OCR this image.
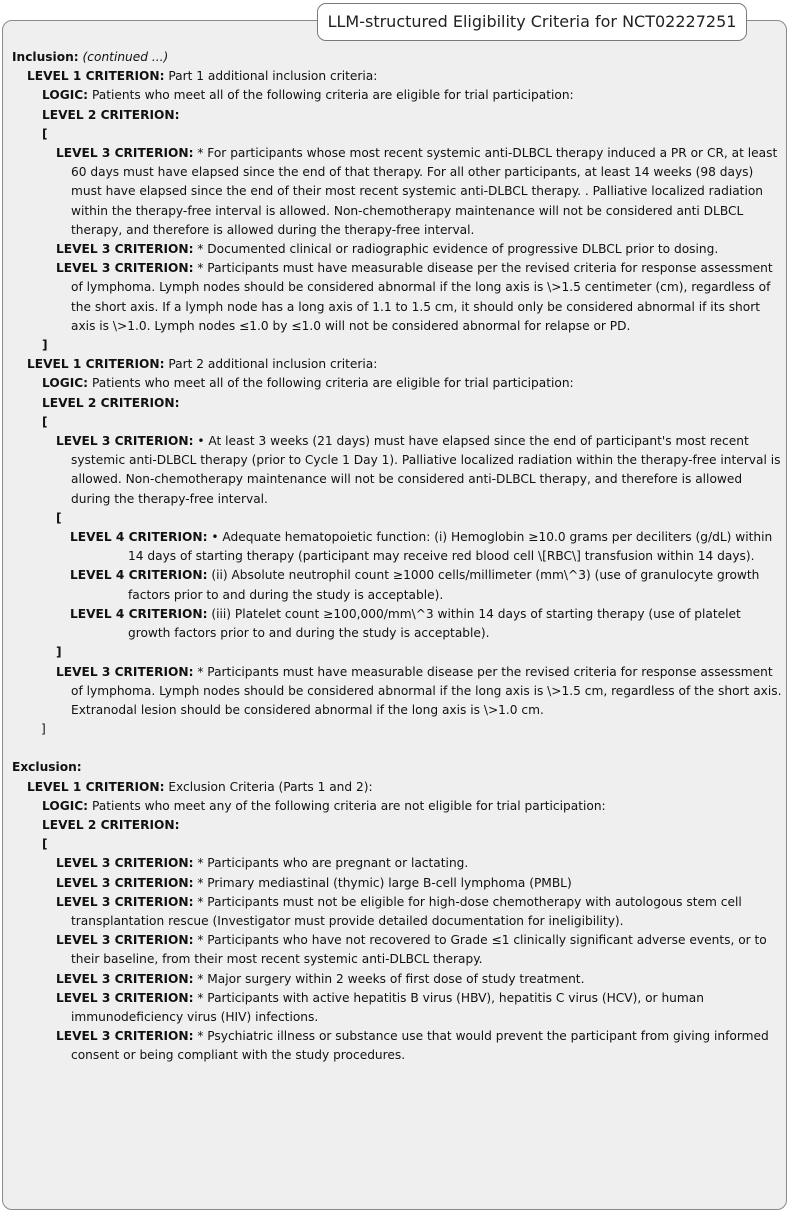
LLM-structured Eligibility Criteria for NCT02227251
Inclusion: (continued ...)
LEVEL 1 CRITERION: Part 1 additional inclusion criteria:
LOGIC: Patients who meet all of the following criteria are eligible for trial participation:
LEVEL 2 CRITERION:
[
LEVEL 3 CRITERION: * For participants whose most recent systemic anti-DLBCL therapy induced a PR or CR, at least 60 days must have elapsed since the end of that therapy. For all other participants, at least 14 weeks (98 days) must have elapsed since the end of their most recent systemic anti-DLBCL therapy. . Palliative localized radiation within the therapy-free interval is allowed. Non-chemotherapy maintenance will not be considered anti DLBCL therapy, and therefore is allowed during the therapy-free interval.
LEVEL 3 CRITERION: * Documented clinical or radiographic evidence of progressive DLBCL prior to dosing.
LEVEL 3 CRITERION: * Participants must have measurable disease per the revised criteria for response assessment of lymphoma. Lymph nodes should be considered abnormal if the long axis is \>1.5 centimeter (cm), regardless of the short axis. If a lymph node has a long axis of 1.1 to 1.5 cm, it should only be considered abnormal if its short axis is \>1.0. Lymph nodes ≤1.0 by ≤1.0 will not be considered abnormal for relapse or PD.
]
LEVEL 1 CRITERION: Part 2 additional inclusion criteria:
LOGIC: Patients who meet all of the following criteria are eligible for trial participation:
LEVEL 2 CRITERION:
[
LEVEL 3 CRITERION: • At least 3 weeks (21 days) must have elapsed since the end of participant's most recent systemic anti-DLBCL therapy (prior to Cycle 1 Day 1). Palliative localized radiation within the therapy-free interval is allowed. Non-chemotherapy maintenance will not be considered anti-DLBCL therapy, and therefore is allowed during the therapy-free interval.
[
LEVEL 4 CRITERION: • Adequate hematopoietic function: (i) Hemoglobin ≥10.0 grams per deciliters (g/dL) within 14 days of starting therapy (participant may receive red blood cell \[RBC\] transfusion within 14 days).
LEVEL 4 CRITERION: (ii) Absolute neutrophil count ≥1000 cells/millimeter (mm\^3) (use of granulocyte growth factors prior to and during the study is acceptable).
LEVEL 4 CRITERION: (iii) Platelet count ≥100,000/mm\^3 within 14 days of starting therapy (use of platelet growth factors prior to and during the study is acceptable).
]
LEVEL 3 CRITERION: * Participants must have measurable disease per the revised criteria for response assessment of lymphoma. Lymph nodes should be considered abnormal if the long axis is \>1.5 cm, regardless of the short axis. Extranodal lesion should be considered abnormal if the long axis is \>1.0 cm.
]
Exclusion:
LEVEL 1 CRITERION: Exclusion Criteria (Parts 1 and 2):
LOGIC: Patients who meet any of the following criteria are not eligible for trial participation:
LEVEL 2 CRITERION:
[
LEVEL 3 CRITERION: * Participants who are pregnant or lactating.
LEVEL 3 CRITERION: * Primary mediastinal (thymic) large B-cell lymphoma (PMBL)
LEVEL 3 CRITERION: * Participants must not be eligible for high-dose chemotherapy with autologous stem cell transplantation rescue (Investigator must provide detailed documentation for ineligibility).
LEVEL 3 CRITERION: * Participants who have not recovered to Grade ≤1 clinically significant adverse events, or to their baseline, from their most recent systemic anti-DLBCL therapy.
LEVEL 3 CRITERION: * Major surgery within 2 weeks of first dose of study treatment.
LEVEL 3 CRITERION: * Participants with active hepatitis B virus (HBV), hepatitis C virus (HCV), or human immunodeficiency virus (HIV) infections.
LEVEL 3 CRITERION: * Psychiatric illness or substance use that would prevent the participant from giving informed consent or being compliant with the study procedures.
